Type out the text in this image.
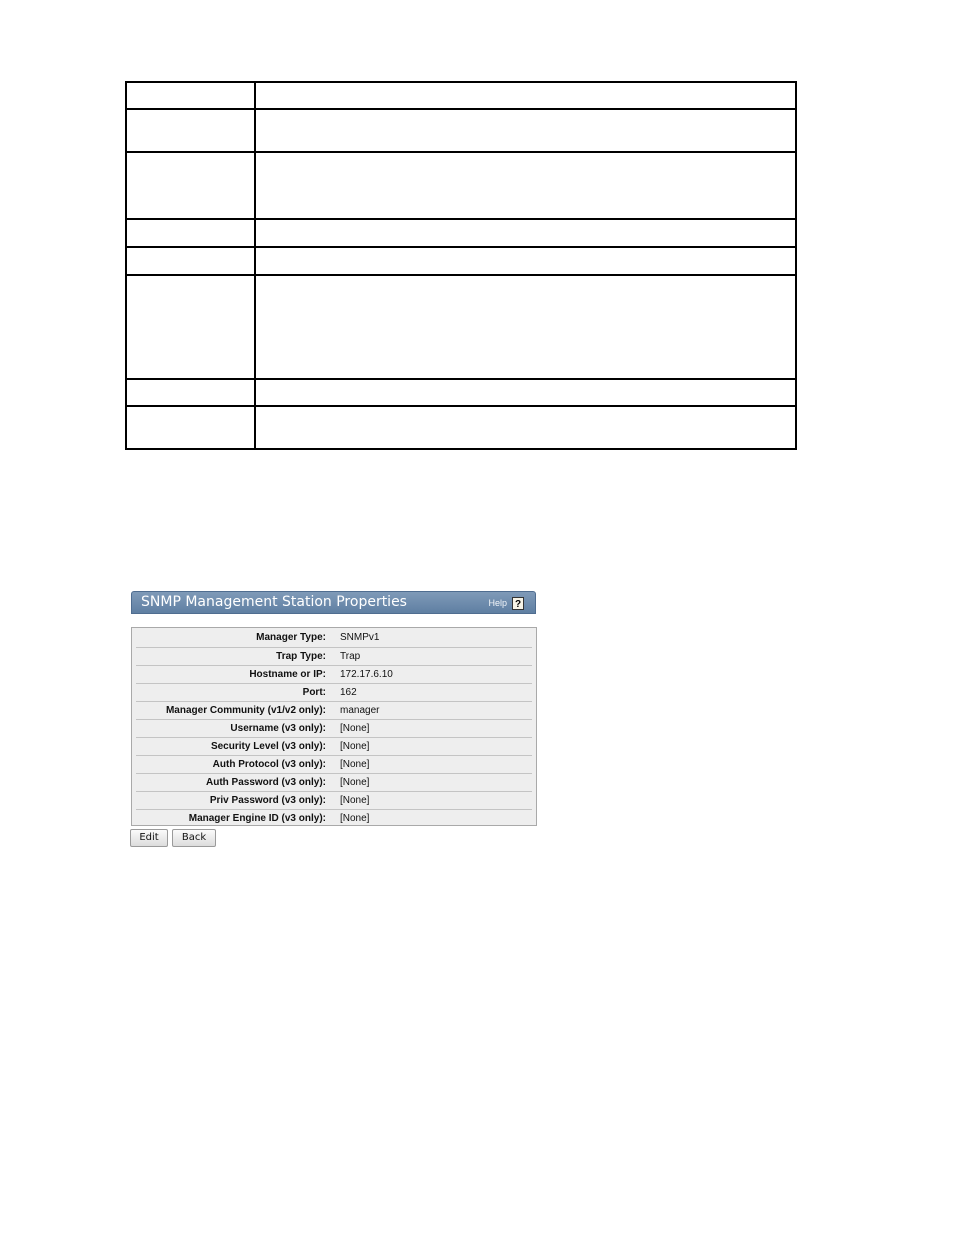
SNMP Management Station Properties	Help ?
Manager Type:	SNMPv1
Trap Type:	Trap
Hostname or IP:	172.17.6.10
Port:	162
Manager Community (v1/v2 only):	manager
Username (v3 only):	[None]
Security Level (v3 only):	[None]
Auth Protocol (v3 only):	[None]
Auth Password (v3 only):	[None]
Priv Password (v3 only):	[None]
Manager Engine ID (v3 only):	[None]
Edit	Back
